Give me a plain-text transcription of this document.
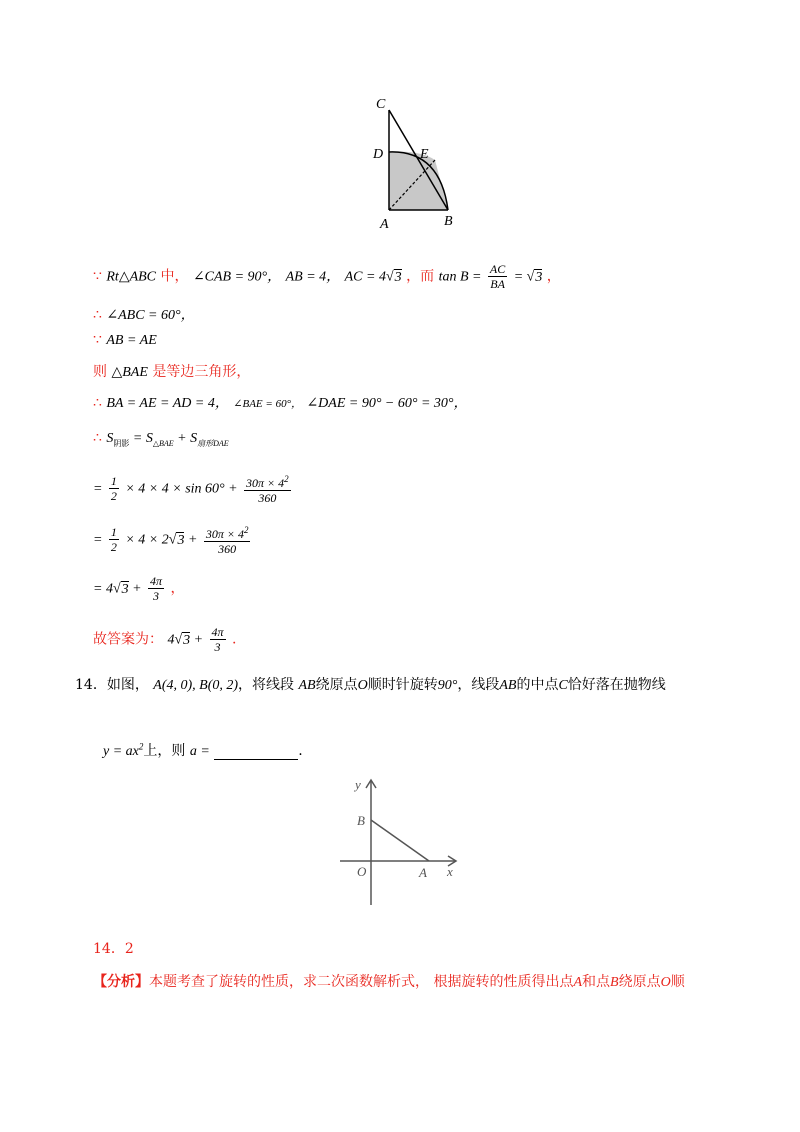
C
D	E
A	B
∵ Rt△ABC 中， ∠CAB = 90°， AB = 4， AC = 4√3 ，而 $\tan B = \frac{AC}{BA} = √3$ ，
∴ ∠ABC = 60°，
∵ AB = AE
则 △BAE 是等边三角形，
∴ BA = AE = AD = 4， ∠BAE = 60°， ∠DAE = 90° − 60° = 30°，
∴ $S_{阴影} = S_{\triangle BAE} + S_{扇形DAE}$
= $\frac{1}{2} \times 4 \times 4 \times \sin 60^\circ + \frac{30\pi \times 4^2}{360}$
= $\frac{1}{2} \times 4 \times 2√3 + \frac{30\pi \times 4^2}{360}$
= $4√3 + \frac{4\pi}{3}$ ，
故答案为： $4√3 + \frac{4\pi}{3}$ .
14．如图， A(4, 0), B(0, 2)，将线段 AB绕原点O顺时针旋转90°，线段AB的中点C恰好落在抛物线
$y = ax^2$上，则 a =	.
y
x
B
O	A
14．2
【分析】本题考查了旋转的性质，求二次函数解析式， 根据旋转的性质得出点A和点B绕原点O顺
